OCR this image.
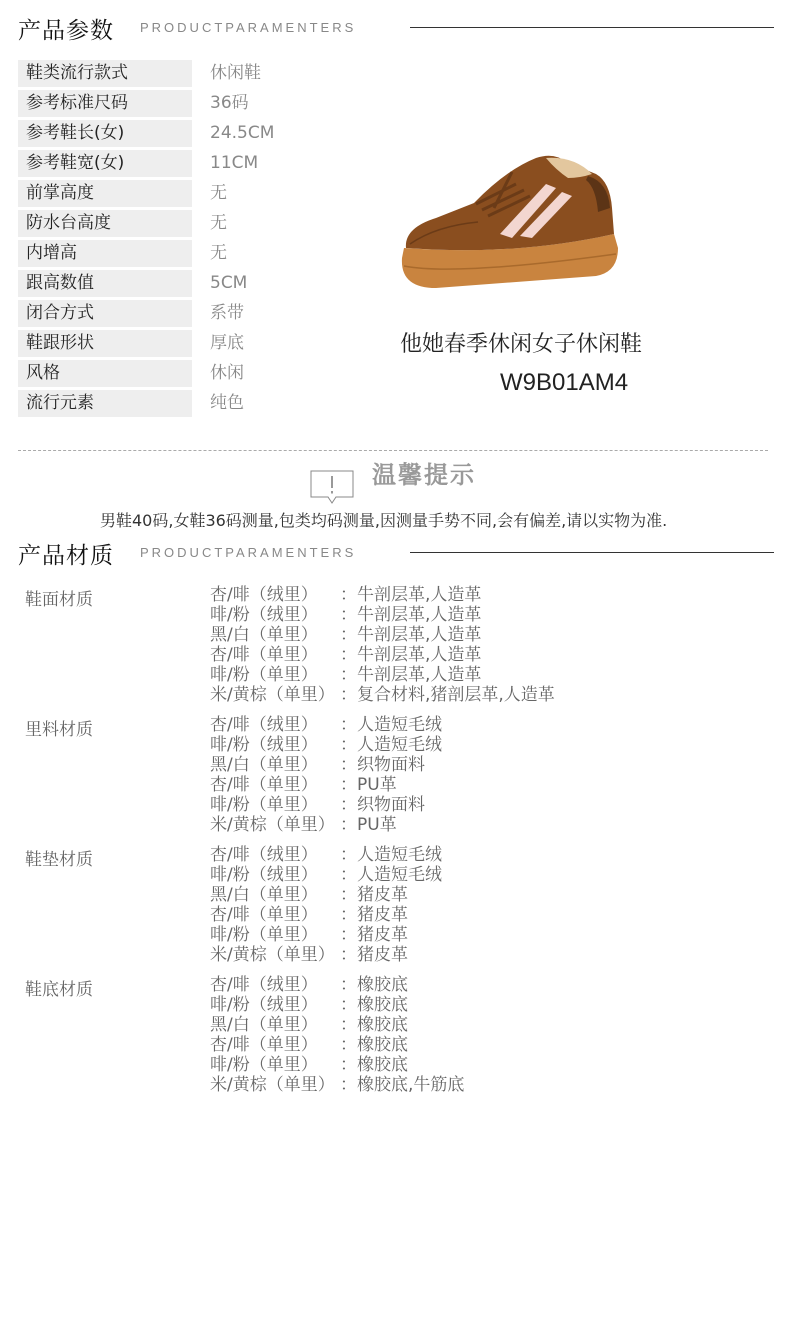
产品参数 PRODUCTPARAMENTERS
鞋类流行款式	休闲鞋
参考标准尺码	36码
参考鞋长(女)	24.5CM
参考鞋宽(女)	11CM
前掌高度	无
防水台高度	无
内增高	无
跟高数值	5CM
闭合方式	系带
鞋跟形状	厚底
风格	休闲
流行元素	纯色
他她春季休闲女子休闲鞋
W9B01AM4
温馨提示
男鞋40码,女鞋36码测量,包类均码测量,因测量手势不同,会有偏差,请以实物为准.
产品材质 PRODUCTPARAMENTERS
鞋面材质	杏/啡（绒里） ：牛剖层革,人造革
啡/粉（绒里） ：牛剖层革,人造革
黑/白（单里） ：牛剖层革,人造革
杏/啡（单里） ：牛剖层革,人造革
啡/粉（单里） ：牛剖层革,人造革
米/黄棕（单里） ：复合材料,猪剖层革,人造革
里料材质	杏/啡（绒里） ：人造短毛绒
啡/粉（绒里） ：人造短毛绒
黑/白（单里） ：织物面料
杏/啡（单里） ：PU革
啡/粉（单里） ：织物面料
米/黄棕（单里） ：PU革
鞋垫材质	杏/啡（绒里） ：人造短毛绒
啡/粉（绒里） ：人造短毛绒
黑/白（单里） ：猪皮革
杏/啡（单里） ：猪皮革
啡/粉（单里） ：猪皮革
米/黄棕（单里） ：猪皮革
鞋底材质	杏/啡（绒里） ：橡胶底
啡/粉（绒里） ：橡胶底
黑/白（单里） ：橡胶底
杏/啡（单里） ：橡胶底
啡/粉（单里） ：橡胶底
米/黄棕（单里） ：橡胶底,牛筋底
